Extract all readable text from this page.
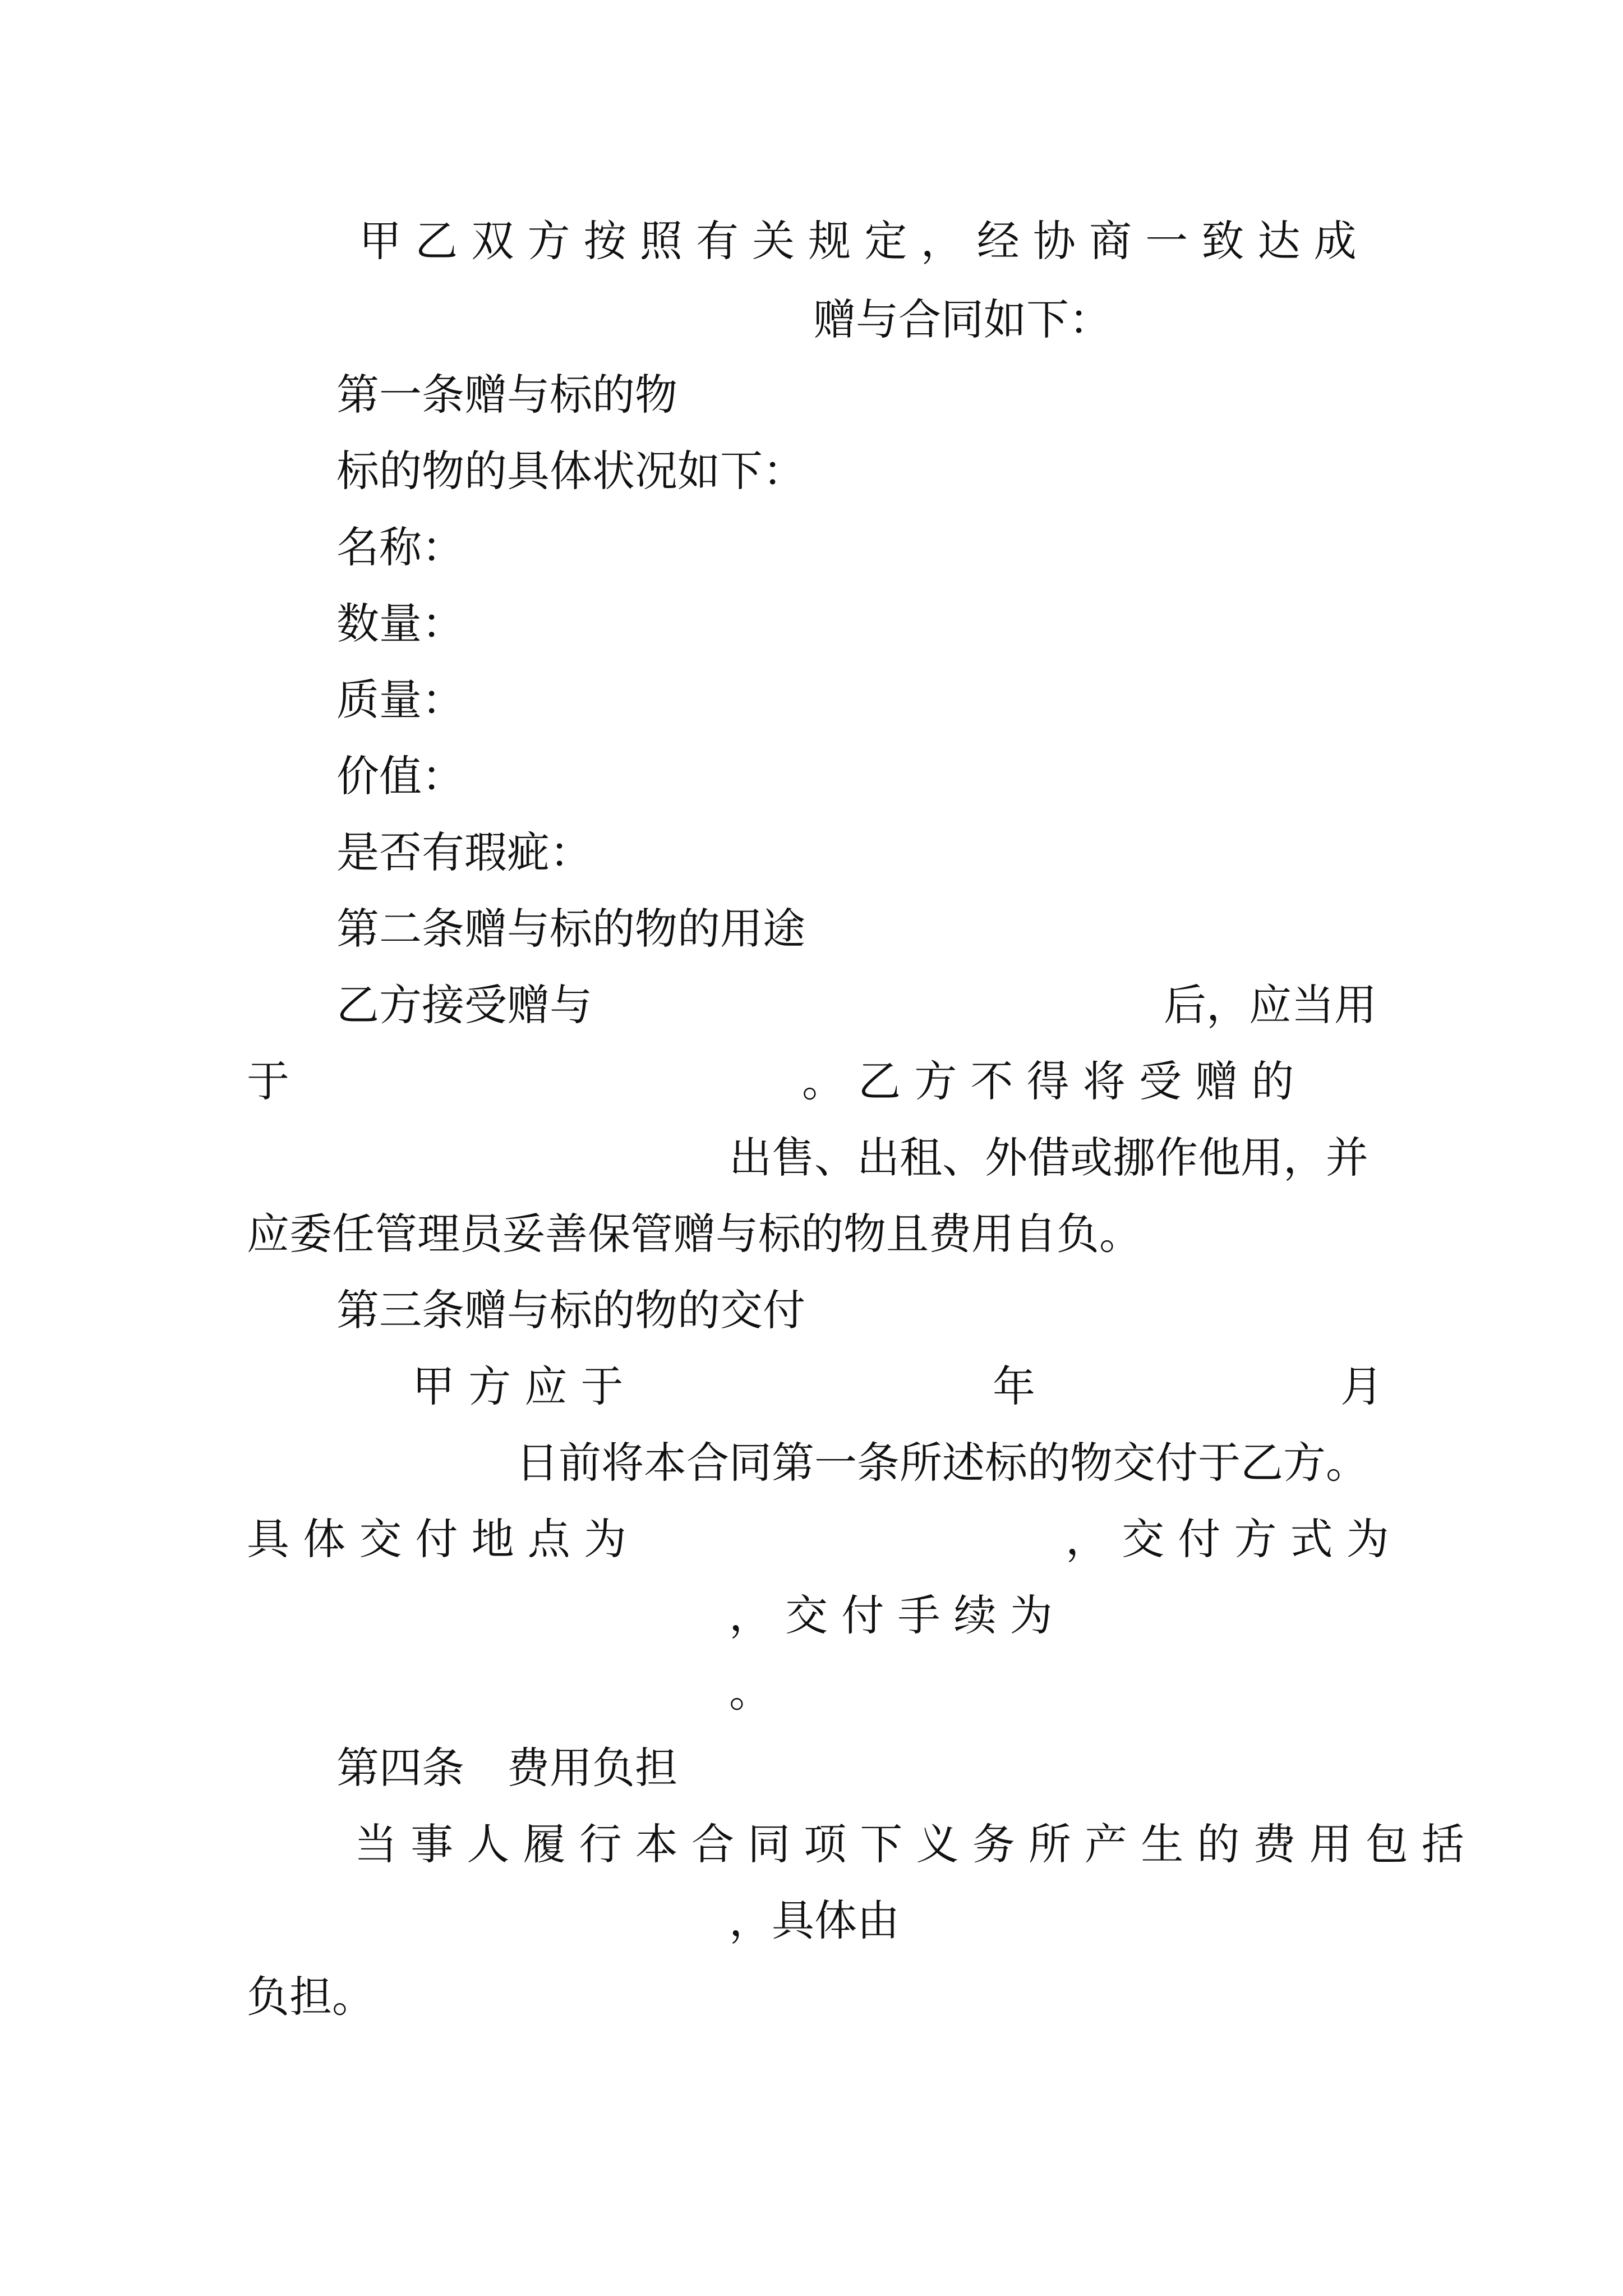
甲 乙 双 方 按 照 有 关 规 定 ， 经 协 商 一 致 达 成

赠与合同如下：

第一条赠与标的物

标的物的具体状况如下：

名称：

数量：

质量：

价值：

是否有瑕疵：

第二条赠与标的物的用途

乙方接受赠与	后，应当用

于	。 乙 方 不 得 将 受 赠 的

出售、出租、外借或挪作他用，并

应委任管理员妥善保管赠与标的物且费用自负。

第三条赠与标的物的交付

甲 方 应 于	年	月

日前将本合同第一条所述标的物交付于乙方。

具 体 交 付 地 点 为	， 交 付 方 式 为

， 交 付 手 续 为

。

第四条　费用负担

当 事 人 履 行 本 合 同 项 下 义 务 所 产 生 的 费 用 包 括

，具体由

负担。
